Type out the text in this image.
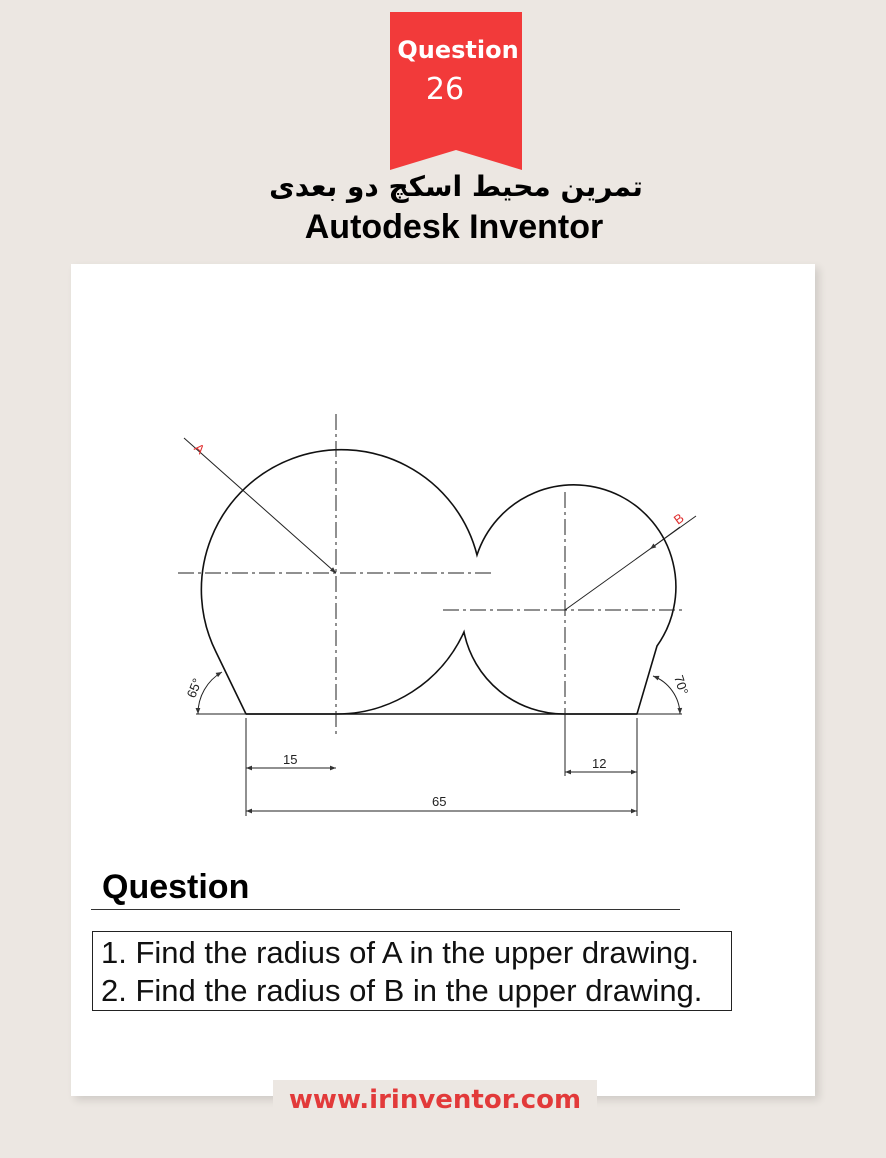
Question
26
تمرین محیط اسکچ دو بعدی
Autodesk Inventor
A
B
65°	70°
15	12
65
Question
1. Find the radius of A in the upper drawing.
2. Find the radius of B in the upper drawing.
www.irinventor.com
